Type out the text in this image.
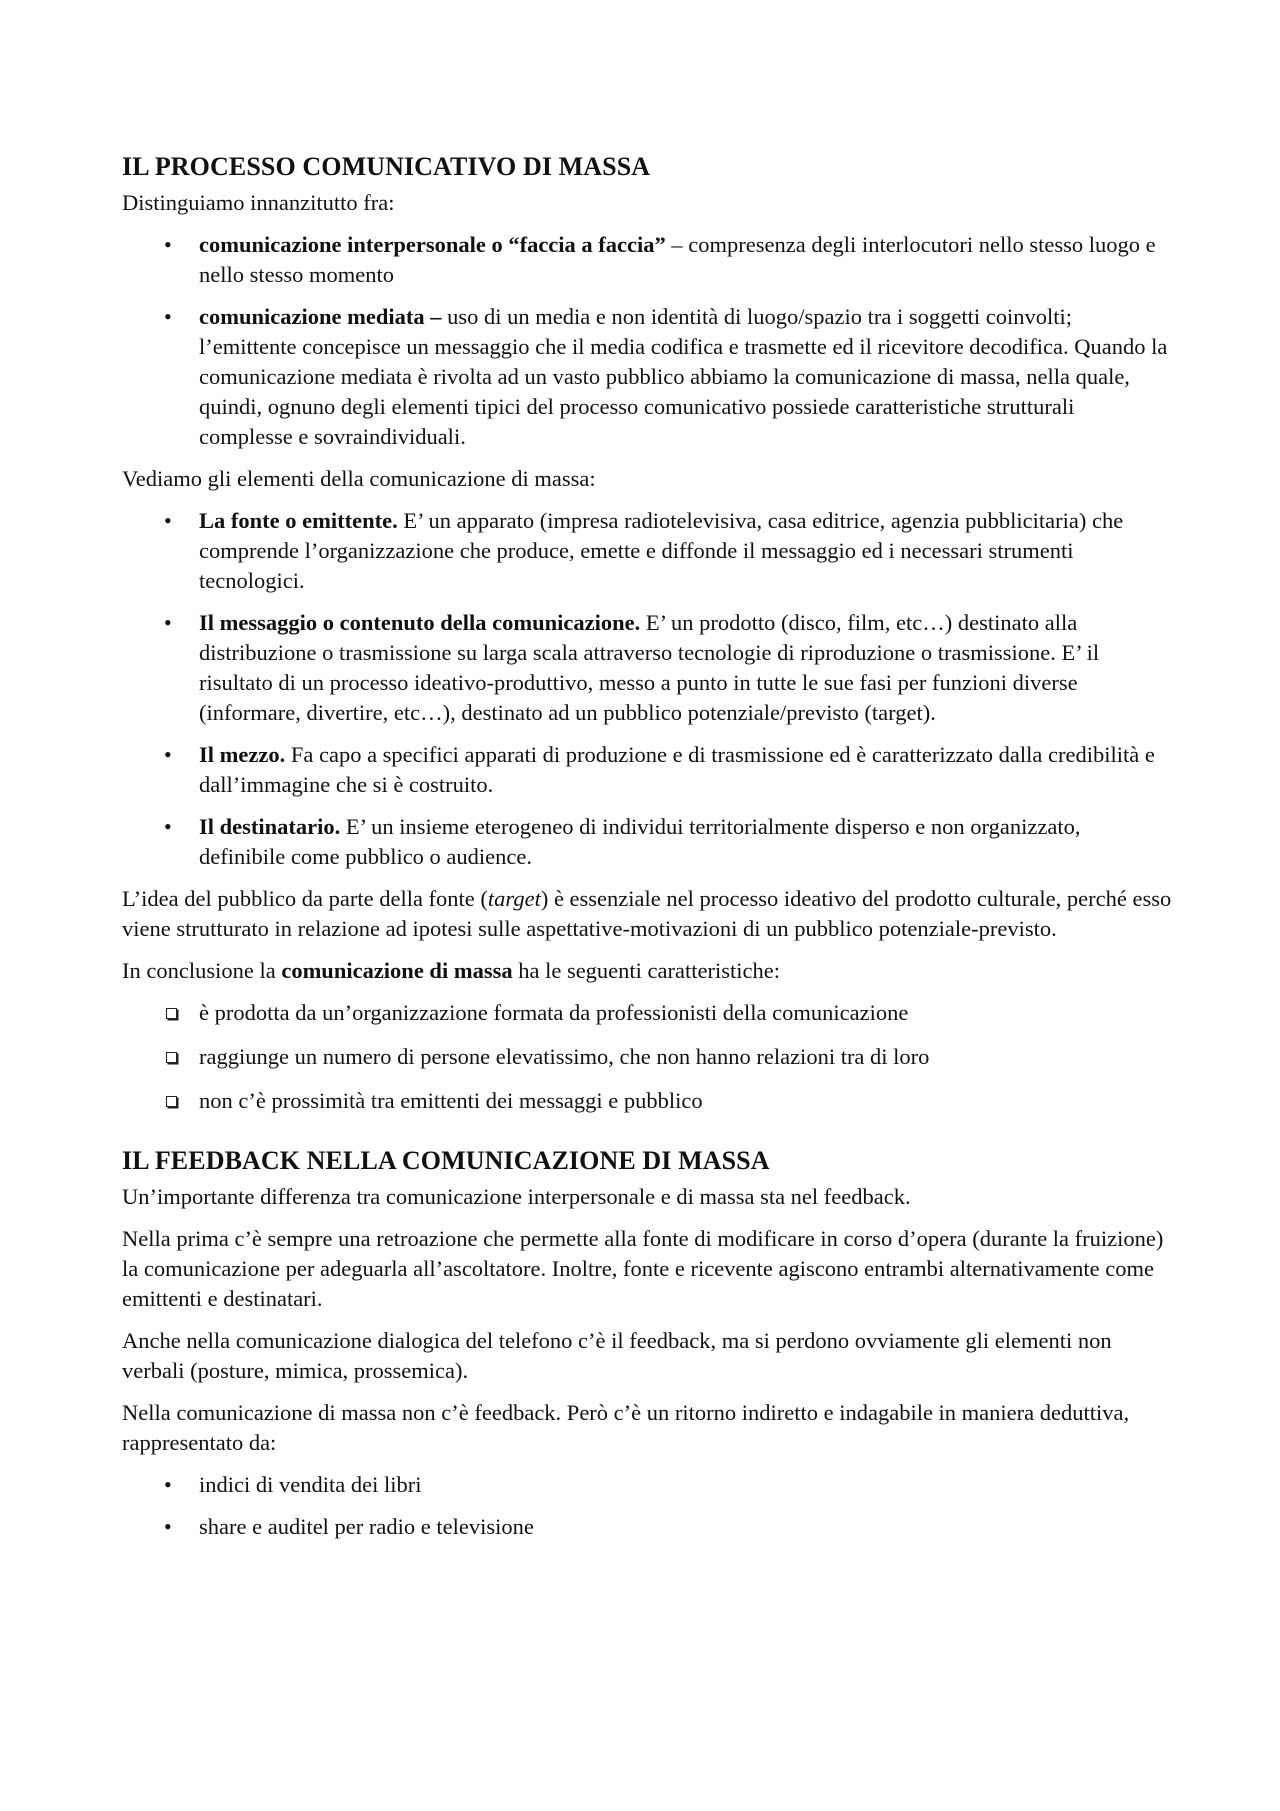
IL PROCESSO COMUNICATIVO DI MASSA

Distinguiamo innanzitutto fra:

• comunicazione interpersonale o “faccia a faccia” – compresenza degli interlocutori nello stesso luogo e nello stesso momento
• comunicazione mediata – uso di un media e non identità di luogo/spazio tra i soggetti coinvolti; l’emittente concepisce un messaggio che il media codifica e trasmette ed il ricevitore decodifica. Quando la comunicazione mediata è rivolta ad un vasto pubblico abbiamo la comunicazione di massa, nella quale, quindi, ognuno degli elementi tipici del processo comunicativo possiede caratteristiche strutturali complesse e sovraindividuali.

Vediamo gli elementi della comunicazione di massa:

• La fonte o emittente. E’ un apparato (impresa radiotelevisiva, casa editrice, agenzia pubblicitaria) che comprende l’organizzazione che produce, emette e diffonde il messaggio ed i necessari strumenti tecnologici.
• Il messaggio o contenuto della comunicazione. E’ un prodotto (disco, film, etc…) destinato alla distribuzione o trasmissione su larga scala attraverso tecnologie di riproduzione o trasmissione. E’ il risultato di un processo ideativo-produttivo, messo a punto in tutte le sue fasi per funzioni diverse (informare, divertire, etc…), destinato ad un pubblico potenziale/previsto (target).
• Il mezzo. Fa capo a specifici apparati di produzione e di trasmissione ed è caratterizzato dalla credibilità e dall’immagine che si è costruito.
• Il destinatario. E’ un insieme eterogeneo di individui territorialmente disperso e non organizzato, definibile come pubblico o audience.

L’idea del pubblico da parte della fonte (target) è essenziale nel processo ideativo del prodotto culturale, perché esso viene strutturato in relazione ad ipotesi sulle aspettative-motivazioni di un pubblico potenziale-previsto.

In conclusione la comunicazione di massa ha le seguenti caratteristiche:

è prodotta da un’organizzazione formata da professionisti della comunicazione
raggiunge un numero di persone elevatissimo, che non hanno relazioni tra di loro
non c’è prossimità tra emittenti dei messaggi e pubblico
IL FEEDBACK NELLA COMUNICAZIONE DI MASSA

Un’importante differenza tra comunicazione interpersonale e di massa sta nel feedback.

Nella prima c’è sempre una retroazione che permette alla fonte di modificare in corso d’opera (durante la fruizione) la comunicazione per adeguarla all’ascoltatore. Inoltre, fonte e ricevente agiscono entrambi alternativamente come emittenti e destinatari.

Anche nella comunicazione dialogica del telefono c’è il feedback, ma si perdono ovviamente gli elementi non verbali (posture, mimica, prossemica).

Nella comunicazione di massa non c’è feedback. Però c’è un ritorno indiretto e indagabile in maniera deduttiva, rappresentato da:

• indici di vendita dei libri
• share e auditel per radio e televisione
